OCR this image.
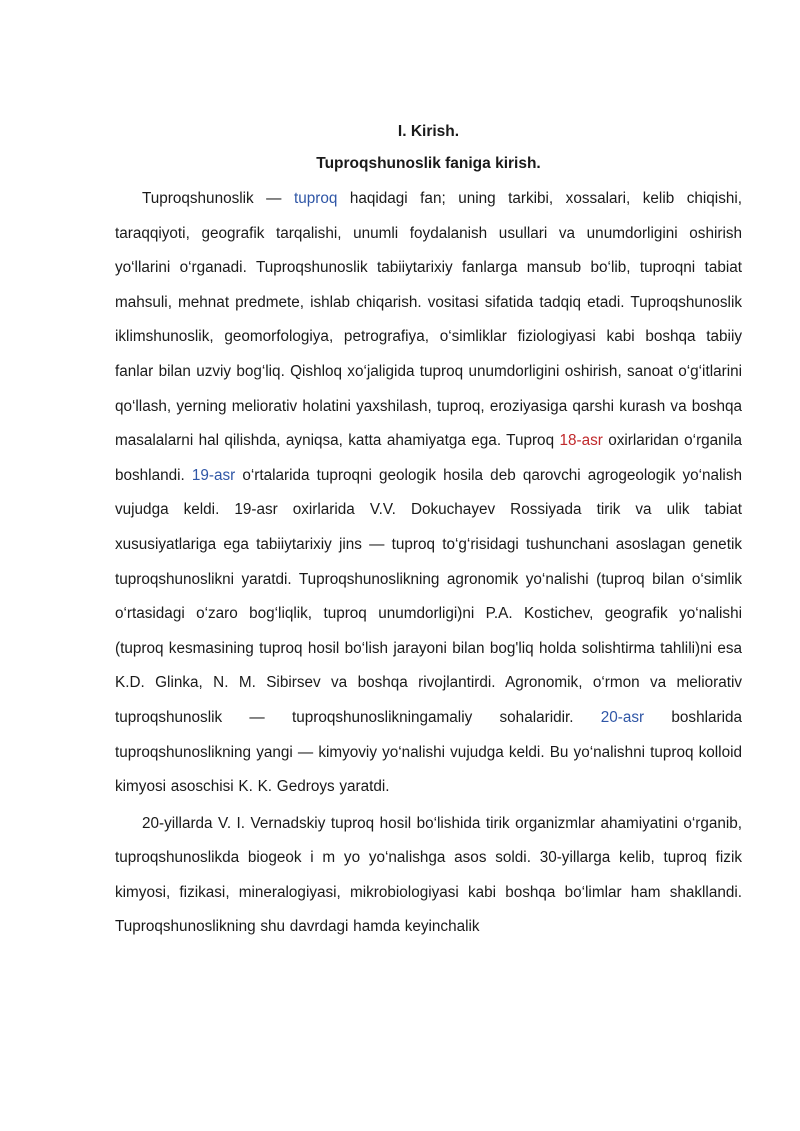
I. Kirish.
Tuproqshunoslik faniga kirish.

Tuproqshunoslik — tuproq haqidagi fan; uning tarkibi, xossalari, kelib chiqishi, taraqqiyoti, geografik tarqalishi, unumli foydalanish usullari va unumdorligini oshirish yo‘llarini o‘rganadi. Tuproqshunoslik tabiiytarixiy fanlarga mansub bo‘lib, tuproqni tabiat mahsuli, mehnat predmete, ishlab chiqarish. vositasi sifatida tadqiq etadi. Tuproqshunoslik iklimshunoslik, geomorfologiya, petrografiya, o‘simliklar fiziologiyasi kabi boshqa tabiiy fanlar bilan uzviy bog‘liq. Qishloq xo‘jaligida tuproq unumdorligini oshirish, sanoat o‘g‘itlarini qo‘llash, yerning meliorativ holatini yaxshilash, tuproq, eroziyasiga qarshi kurash va boshqa masalalarni hal qilishda, ayniqsa, katta ahamiyatga ega. Tuproq 18-asr oxirlaridan o‘rganila boshlandi. 19-asr o‘rtalarida tuproqni geologik hosila deb qarovchi agrogeologik yo‘nalish vujudga keldi. 19-asr oxirlarida V.V. Dokuchayev Rossiyada tirik va ulik tabiat xususiyatlariga ega tabiiytarixiy jins — tuproq to‘g‘risidagi tushunchani asoslagan genetik tuproqshunoslikni yaratdi. Tuproqshunoslikning agronomik yo‘nalishi (tuproq bilan o‘simlik o‘rtasidagi o‘zaro bog‘liqlik, tuproq unumdorligi)ni P.A. Kostichev, geografik yo‘nalishi (tuproq kesmasining tuproq hosil bo‘lish jarayoni bilan bog'liq holda solishtirma tahlili)ni esa K.D. Glinka, N. M. Sibirsev va boshqa rivojlantirdi. Agronomik, o‘rmon va meliorativ tuproqshunoslik — tuproqshunoslikningamaliy sohalaridir. 20-asr boshlarida tuproqshunoslikning yangi — kimyoviy yo‘nalishi vujudga keldi. Bu yo‘nalishni tuproq kolloid kimyosi asoschisi K. K. Gedroys yaratdi.

20-yillarda V. I. Vernadskiy tuproq hosil bo‘lishida tirik organizmlar ahamiyatini o‘rganib, tuproqshunoslikda biogeok i m yo yo‘nalishga asos soldi. 30-yillarga kelib, tuproq fizik kimyosi, fizikasi, mineralogiyasi, mikrobiologiyasi kabi boshqa bo‘limlar ham shakllandi. Tuproqshunoslikning shu davrdagi hamda keyinchalik
